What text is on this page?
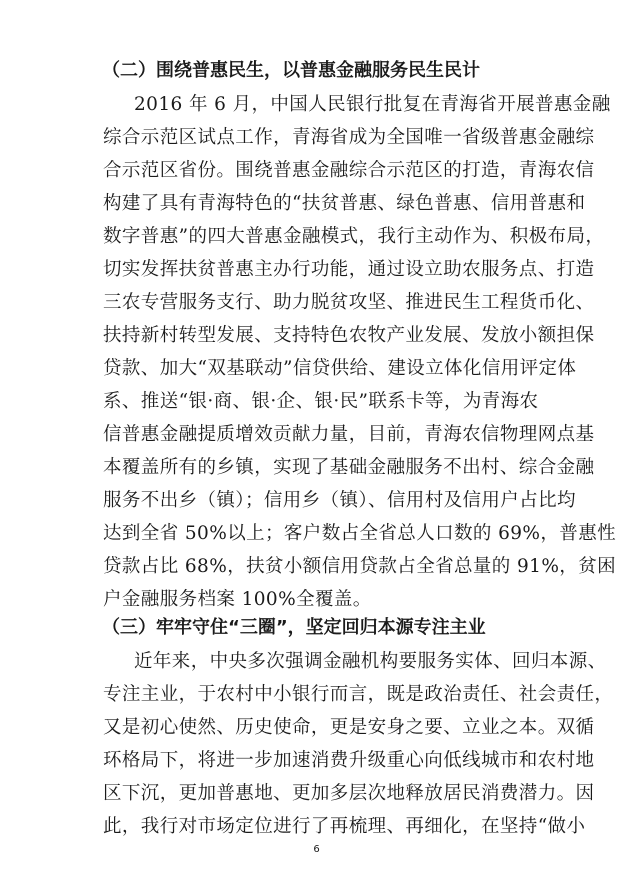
（二）围绕普惠民生，以普惠金融服务民生民计
2016 年 6 月，中国人民银行批复在青海省开展普惠金融
综合示范区试点工作，青海省成为全国唯一省级普惠金融综
合示范区省份。围绕普惠金融综合示范区的打造，青海农信
构建了具有青海特色的“扶贫普惠、绿色普惠、信用普惠和
数字普惠”的四大普惠金融模式，我行主动作为、积极布局，
切实发挥扶贫普惠主办行功能，通过设立助农服务点、打造
三农专营服务支行、助力脱贫攻坚、推进民生工程货币化、
扶持新村转型发展、支持特色农牧产业发展、发放小额担保
贷款、加大“双基联动”信贷供给、建设立体化信用评定体
系、推送“银·商、银·企、银·民”联系卡等，为青海农
信普惠金融提质增效贡献力量，目前，青海农信物理网点基
本覆盖所有的乡镇，实现了基础金融服务不出村、综合金融
服务不出乡（镇）；信用乡（镇）、信用村及信用户占比均
达到全省 50%以上；客户数占全省总人口数的 69%，普惠性
贷款占比 68%，扶贫小额信用贷款占全省总量的 91%，贫困
户金融服务档案 100%全覆盖。
（三）牢牢守住“三圈”，坚定回归本源专注主业
近年来，中央多次强调金融机构要服务实体、回归本源、
专注主业，于农村中小银行而言，既是政治责任、社会责任，
又是初心使然、历史使命，更是安身之要、立业之本。双循
环格局下，将进一步加速消费升级重心向低线城市和农村地
区下沉，更加普惠地、更加多层次地释放居民消费潜力。因
此，我行对市场定位进行了再梳理、再细化，在坚持“做小
6
